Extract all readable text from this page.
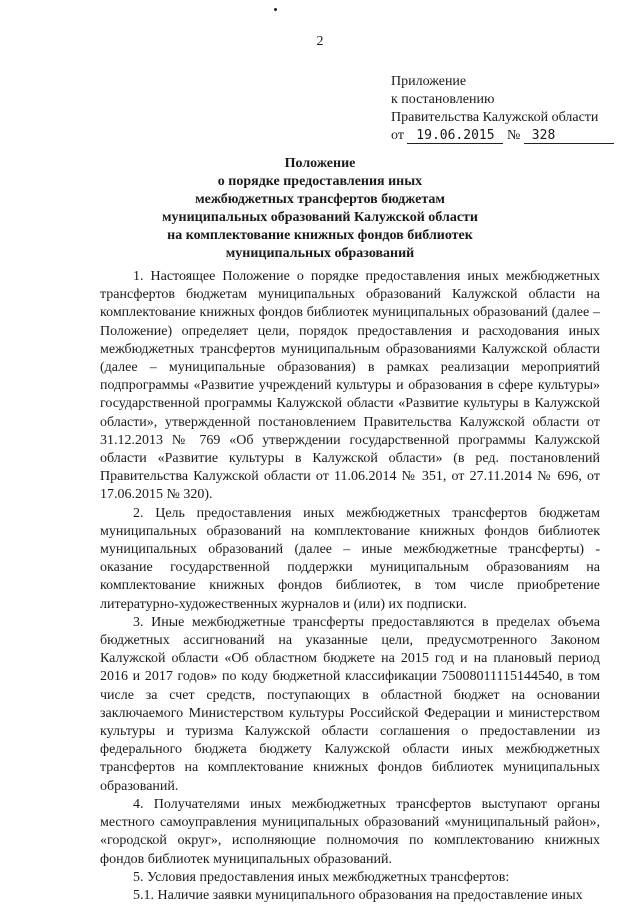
2
Приложение
к постановлению
Правительства Калужской области
от 19.06.2015 № 328
Положение
о порядке предоставления иных
межбюджетных трансфертов бюджетам
муниципальных образований Калужской области
на комплектование книжных фондов библиотек
муниципальных образований

1. Настоящее Положение о порядке предоставления иных межбюджетных трансфертов бюджетам муниципальных образований Калужской области на комплектование книжных фондов библиотек муниципальных образований (далее – Положение) определяет цели, порядок предоставления и расходования иных межбюджетных трансфертов муниципальным образованиями Калужской области (далее – муниципальные образования) в рамках реализации мероприятий подпрограммы «Развитие учреждений культуры и образования в сфере культуры» государственной программы Калужской области «Развитие культуры в Калужской области», утвержденной постановлением Правительства Калужской области от 31.12.2013 № 769 «Об утверждении государственной программы Калужской области «Развитие культуры в Калужской области» (в ред. постановлений Правительства Калужской области от 11.06.2014 № 351, от 27.11.2014 № 696, от 17.06.2015 № 320).

2. Цель предоставления иных межбюджетных трансфертов бюджетам муниципальных образований на комплектование книжных фондов библиотек муниципальных образований (далее – иные межбюджетные трансферты) - оказание государственной поддержки муниципальным образованиям на комплектование книжных фондов библиотек, в том числе приобретение литературно-художественных журналов и (или) их подписки.

3. Иные межбюджетные трансферты предоставляются в пределах объема бюджетных ассигнований на указанные цели, предусмотренного Законом Калужской области «Об областном бюджете на 2015 год и на плановый период 2016 и 2017 годов» по коду бюджетной классификации 75008011115144540, в том числе за счет средств, поступающих в областной бюджет на основании заключаемого Министерством культуры Российской Федерации и министерством культуры и туризма Калужской области соглашения о предоставлении из федерального бюджета бюджету Калужской области иных межбюджетных трансфертов на комплектование книжных фондов библиотек муниципальных образований.

4. Получателями иных межбюджетных трансфертов выступают органы местного самоуправления муниципальных образований «муниципальный район», «городской округ», исполняющие полномочия по комплектованию книжных фондов библиотек муниципальных образований.

5. Условия предоставления иных межбюджетных трансфертов:

5.1. Наличие заявки муниципального образования на предоставление иных
